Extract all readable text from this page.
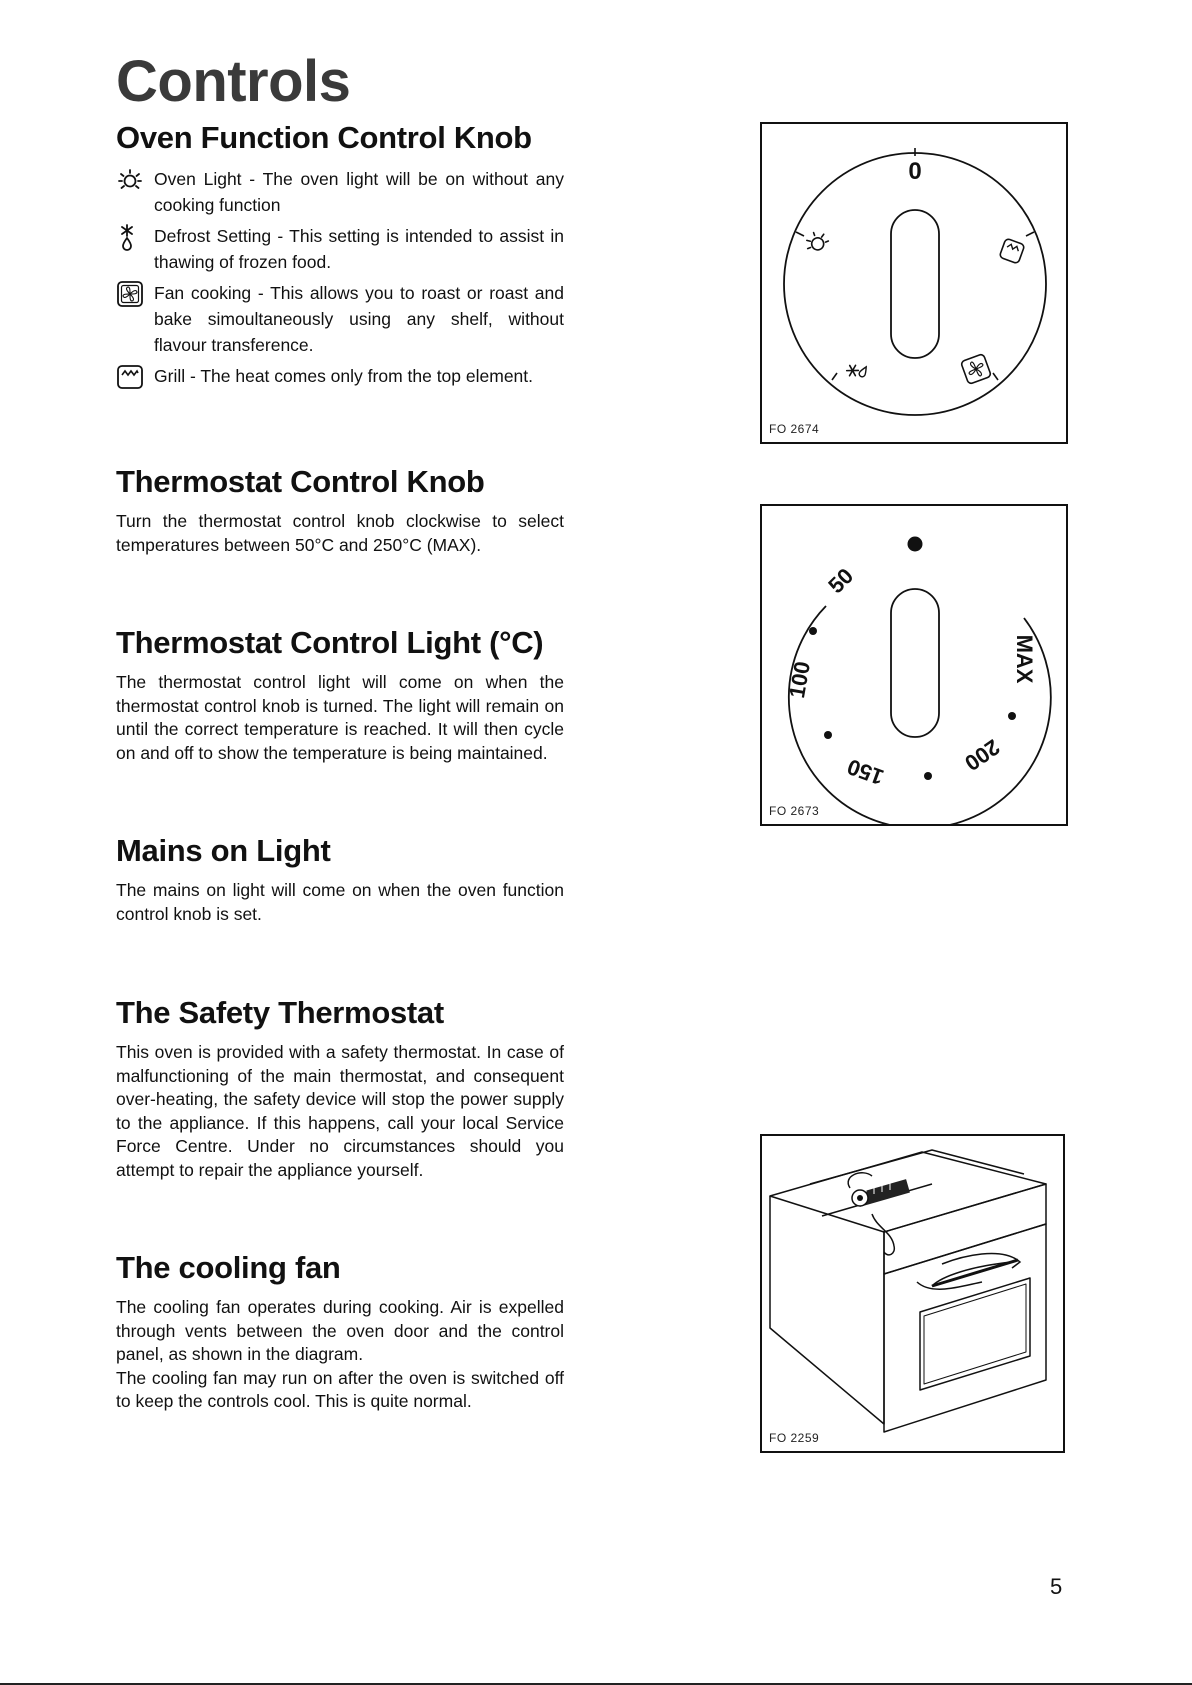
Controls
Oven Function Control Knob
Oven Light - The oven light will be on without any cooking function
Defrost Setting - This setting is intended to assist in thawing of frozen food.
Fan cooking - This allows you to roast or roast and bake simoultaneously using any shelf, without flavour transference.
Grill - The heat comes only from the top element.
Thermostat Control Knob

Turn the thermostat control knob clockwise to select temperatures between 50°C and 250°C (MAX).

Thermostat Control Light (°C)

The thermostat control light will come on when the thermostat control knob is turned. The light will remain on until the correct temperature is reached. It will then cycle on and off to show the temperature is being maintained.

Mains on Light

The mains on light will come on when the oven function control knob is set.

The Safety Thermostat

This oven is provided with a safety thermostat. In case of malfunctioning of the main thermostat, and consequent over-heating, the safety device will stop the power supply to the appliance. If this happens, call your local Service Force Centre. Under no circumstances should you attempt to repair the appliance yourself.

The cooling fan

The cooling fan operates during cooking. Air is expelled through vents between the oven door and the control panel, as shown in the diagram.

The cooling fan may run on after the oven is switched off to keep the controls cool. This is quite normal.

0
FO 2674
50
100
150	200
MAX
FO 2673
FO 2259
5
